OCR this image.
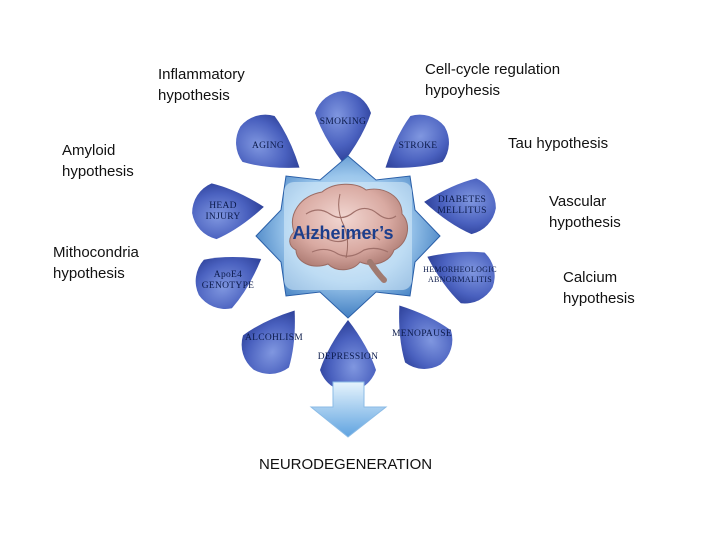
Inflammatory
hypothesis
Cell-cycle regulation
hypoyhesis
Tau hypothesis
Amyloid
hypothesis
Vascular
hypothesis
Mithocondria
hypothesis	Calcium
hypothesis
SMOKING
AGING	STROKE
HEAD INJURY
DIABETES MELLITUS
ApoE4 GENOTYPE
HEMORHEOLOGIC ABNORMALITIS
ALCOHLISM	MENOPAUSE
DEPRESSION
Alzheimer’s
NEURODEGENERATION
